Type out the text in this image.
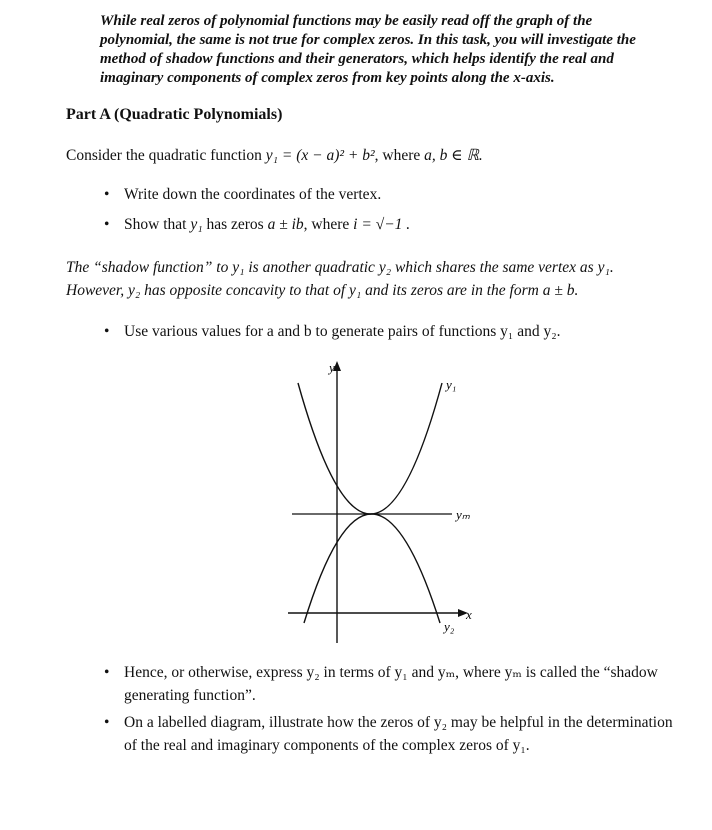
While real zeros of polynomial functions may be easily read off the graph of the polynomial, the same is not true for complex zeros. In this task, you will investigate the method of shadow functions and their generators, which helps identify the real and imaginary components of complex zeros from key points along the x-axis.
Part A (Quadratic Polynomials)
Consider the quadratic function y₁ = (x − a)² + b², where a, b ∈ ℝ.
• Write down the coordinates of the vertex.
• Show that y₁ has zeros a ± ib, where i = √−1 .
The “shadow function” to y₁ is another quadratic y₂ which shares the same vertex as y₁.
However, y₂ has opposite concavity to that of y₁ and its zeros are in the form a ± b.
• Use various values for a and b to generate pairs of functions y₁ and y₂.
y
x
y₁
yₘ
y₂
• Hence, or otherwise, express y₂ in terms of y₁ and yₘ, where yₘ is called the “shadow
generating function”.
• On a labelled diagram, illustrate how the zeros of y₂ may be helpful in the determination
of the real and imaginary components of the complex zeros of y₁.
